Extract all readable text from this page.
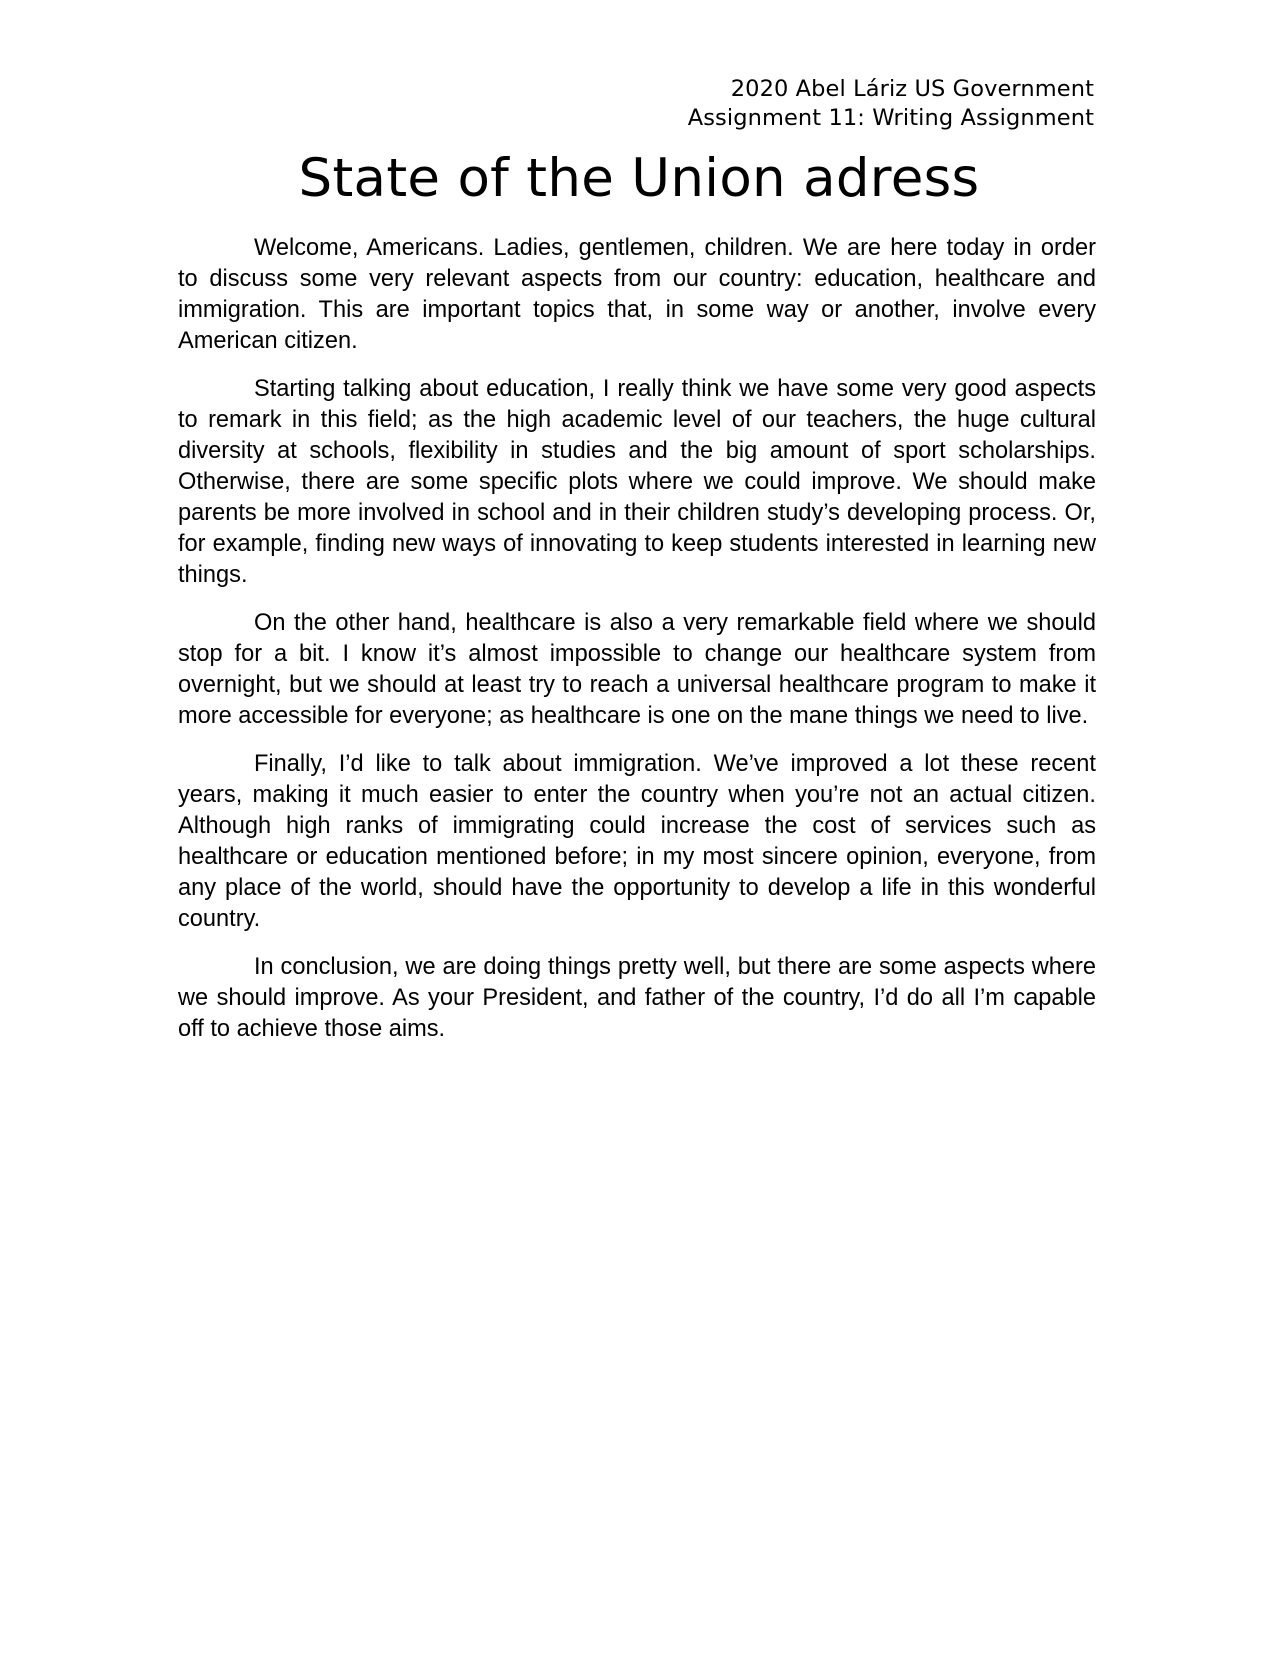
2020 Abel Láriz US Government
Assignment 11: Writing Assignment
State of the Union adress

Welcome, Americans. Ladies, gentlemen, children. We are here today in order to discuss some very relevant aspects from our country: education, healthcare and immigration. This are important topics that, in some way or another, involve every American citizen.

Starting talking about education, I really think we have some very good aspects to remark in this field; as the high academic level of our teachers, the huge cultural diversity at schools, flexibility in studies and the big amount of sport scholarships. Otherwise, there are some specific plots where we could improve. We should make parents be more involved in school and in their children study’s developing process. Or, for example, finding new ways of innovating to keep students interested in learning new things.

On the other hand, healthcare is also a very remarkable field where we should stop for a bit. I know it’s almost impossible to change our healthcare system from overnight, but we should at least try to reach a universal healthcare program to make it more accessible for everyone; as healthcare is one on the mane things we need to live.

Finally, I’d like to talk about immigration. We’ve improved a lot these recent years, making it much easier to enter the country when you’re not an actual citizen. Although high ranks of immigrating could increase the cost of services such as healthcare or education mentioned before; in my most sincere opinion, everyone, from any place of the world, should have the opportunity to develop a life in this wonderful country.

In conclusion, we are doing things pretty well, but there are some aspects where we should improve. As your President, and father of the country, I’d do all I’m capable off to achieve those aims.
